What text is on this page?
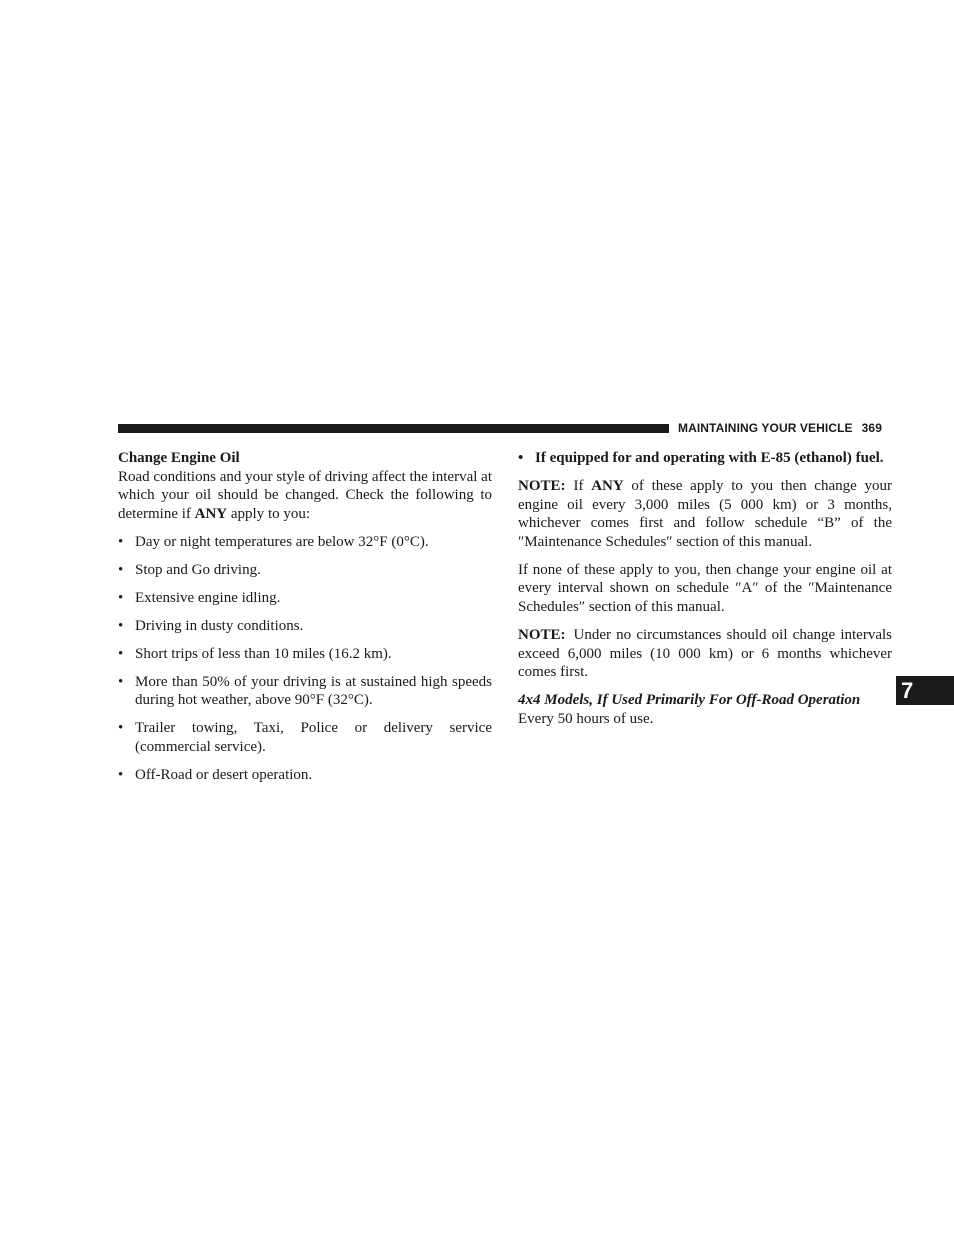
MAINTAINING YOUR VEHICLE 369
Change Engine Oil

Road conditions and your style of driving affect the interval at which your oil should be changed. Check the following to determine if ANY apply to you:

• Day or night temperatures are below 32°F (0°C).
• Stop and Go driving.
• Extensive engine idling.
• Driving in dusty conditions.
• Short trips of less than 10 miles (16.2 km).
• More than 50% of your driving is at sustained high speeds during hot weather, above 90°F (32°C).
• Trailer towing, Taxi, Police or delivery service (commercial service).
• Off-Road or desert operation.
• If equipped for and operating with E-85 (ethanol) fuel.

NOTE: If ANY of these apply to you then change your engine oil every 3,000 miles (5 000 km) or 3 months, whichever comes first and follow schedule “B” of the ″Maintenance Schedules″ section of this manual.

If none of these apply to you, then change your engine oil at every interval shown on schedule ″A″ of the ″Maintenance Schedules″ section of this manual.

NOTE: Under no circumstances should oil change intervals exceed 6,000 miles (10 000 km) or 6 months whichever comes first.

4x4 Models, If Used Primarily For Off-Road Operation

Every 50 hours of use.

7
